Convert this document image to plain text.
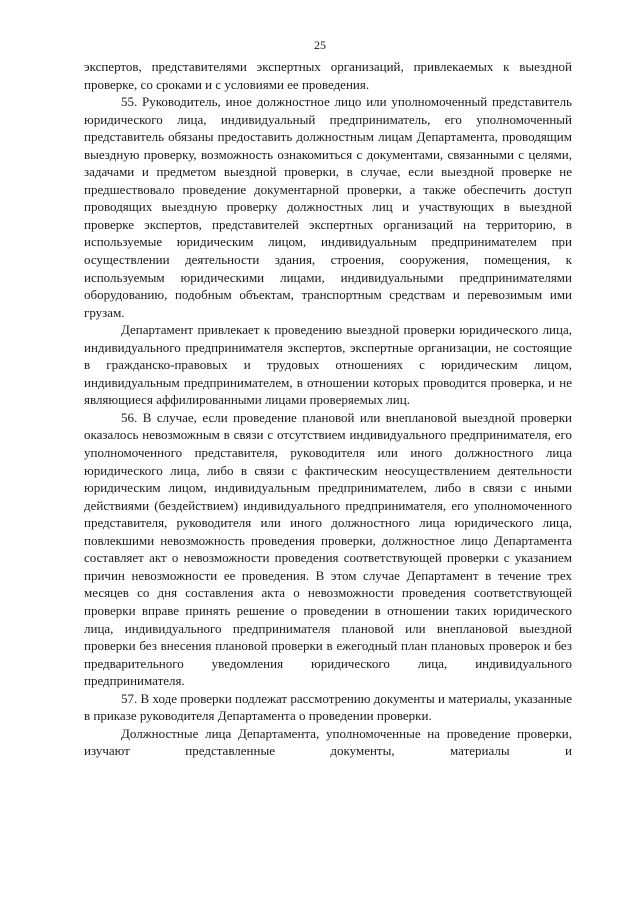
25

экспертов, представителями экспертных организаций, привлекаемых к выездной проверке, со сроками и с условиями ее проведения.

55. Руководитель, иное должностное лицо или уполномоченный представитель юридического лица, индивидуальный предприниматель, его уполномоченный представитель обязаны предоставить должностным лицам Департамента, проводящим выездную проверку, возможность ознакомиться с документами, связанными с целями, задачами и предметом выездной проверки, в случае, если выездной проверке не предшествовало проведение документарной проверки, а также обеспечить доступ проводящих выездную проверку должностных лиц и участвующих в выездной проверке экспертов, представителей экспертных организаций на территорию, в используемые юридическим лицом, индивидуальным предпринимателем при осуществлении деятельности здания, строения, сооружения, помещения, к используемым юридическими лицами, индивидуальными предпринимателями оборудованию, подобным объектам, транспортным средствам и перевозимым ими грузам.

Департамент привлекает к проведению выездной проверки юридического лица, индивидуального предпринимателя экспертов, экспертные организации, не состоящие в гражданско-правовых и трудовых отношениях с юридическим лицом, индивидуальным предпринимателем, в отношении которых проводится проверка, и не являющиеся аффилированными лицами проверяемых лиц.

56. В случае, если проведение плановой или внеплановой выездной проверки оказалось невозможным в связи с отсутствием индивидуального предпринимателя, его уполномоченного представителя, руководителя или иного должностного лица юридического лица, либо в связи с фактическим неосуществлением деятельности юридическим лицом, индивидуальным предпринимателем, либо в связи с иными действиями (бездействием) индивидуального предпринимателя, его уполномоченного представителя, руководителя или иного должностного лица юридического лица, повлекшими невозможность проведения проверки, должностное лицо Департамента составляет акт о невозможности проведения соответствующей проверки с указанием причин невозможности ее проведения. В этом случае Департамент в течение трех месяцев со дня составления акта о невозможности проведения соответствующей проверки вправе принять решение о проведении в отношении таких юридического лица, индивидуального предпринимателя плановой или внеплановой выездной проверки без внесения плановой проверки в ежегодный план плановых проверок и без предварительного уведомления юридического лица, индивидуального предпринимателя.

57. В ходе проверки подлежат рассмотрению документы и материалы, указанные в приказе руководителя Департамента о проведении проверки.

Должностные лица Департамента, уполномоченные на проведение проверки, изучают представленные документы, материалы и
